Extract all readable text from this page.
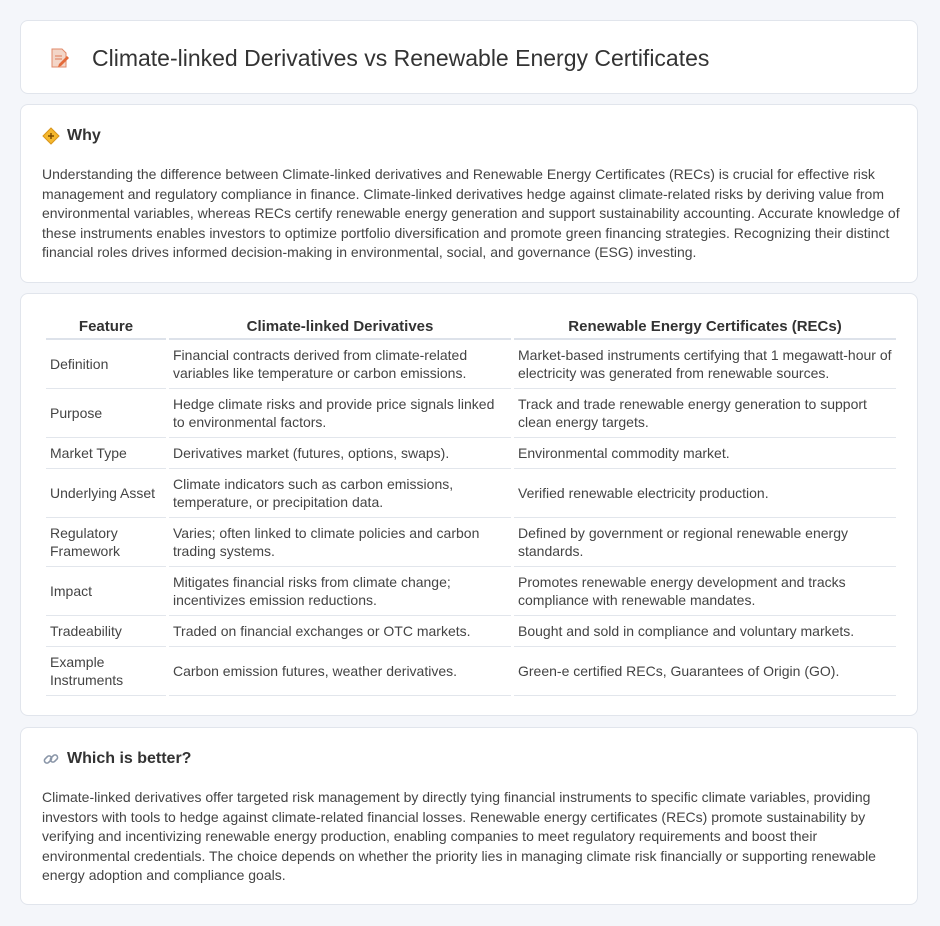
Climate-linked Derivatives vs Renewable Energy Certificates
Why

Understanding the difference between Climate-linked derivatives and Renewable Energy Certificates (RECs) is crucial for effective risk management and regulatory compliance in finance. Climate-linked derivatives hedge against climate-related risks by deriving value from environmental variables, whereas RECs certify renewable energy generation and support sustainability accounting. Accurate knowledge of these instruments enables investors to optimize portfolio diversification and promote green financing strategies. Recognizing their distinct financial roles drives informed decision-making in environmental, social, and governance (ESG) investing.

Feature	Climate-linked Derivatives	Renewable Energy Certificates (RECs)
Definition	Financial contracts derived from climate-related variables like temperature or carbon emissions.	Market-based instruments certifying that 1 megawatt-hour of electricity was generated from renewable sources.
Purpose	Hedge climate risks and provide price signals linked to environmental factors.	Track and trade renewable energy generation to support clean energy targets.
Market Type	Derivatives market (futures, options, swaps).	Environmental commodity market.
Underlying Asset	Climate indicators such as carbon emissions, temperature, or precipitation data.	Verified renewable electricity production.
Regulatory Framework	Varies; often linked to climate policies and carbon trading systems.	Defined by government or regional renewable energy standards.
Impact	Mitigates financial risks from climate change; incentivizes emission reductions.	Promotes renewable energy development and tracks compliance with renewable mandates.
Tradeability	Traded on financial exchanges or OTC markets.	Bought and sold in compliance and voluntary markets.
Example Instruments	Carbon emission futures, weather derivatives.	Green-e certified RECs, Guarantees of Origin (GO).
Which is better?

Climate-linked derivatives offer targeted risk management by directly tying financial instruments to specific climate variables, providing investors with tools to hedge against climate-related financial losses. Renewable energy certificates (RECs) promote sustainability by verifying and incentivizing renewable energy production, enabling companies to meet regulatory requirements and boost their environmental credentials. The choice depends on whether the priority lies in managing climate risk financially or supporting renewable energy adoption and compliance goals.
